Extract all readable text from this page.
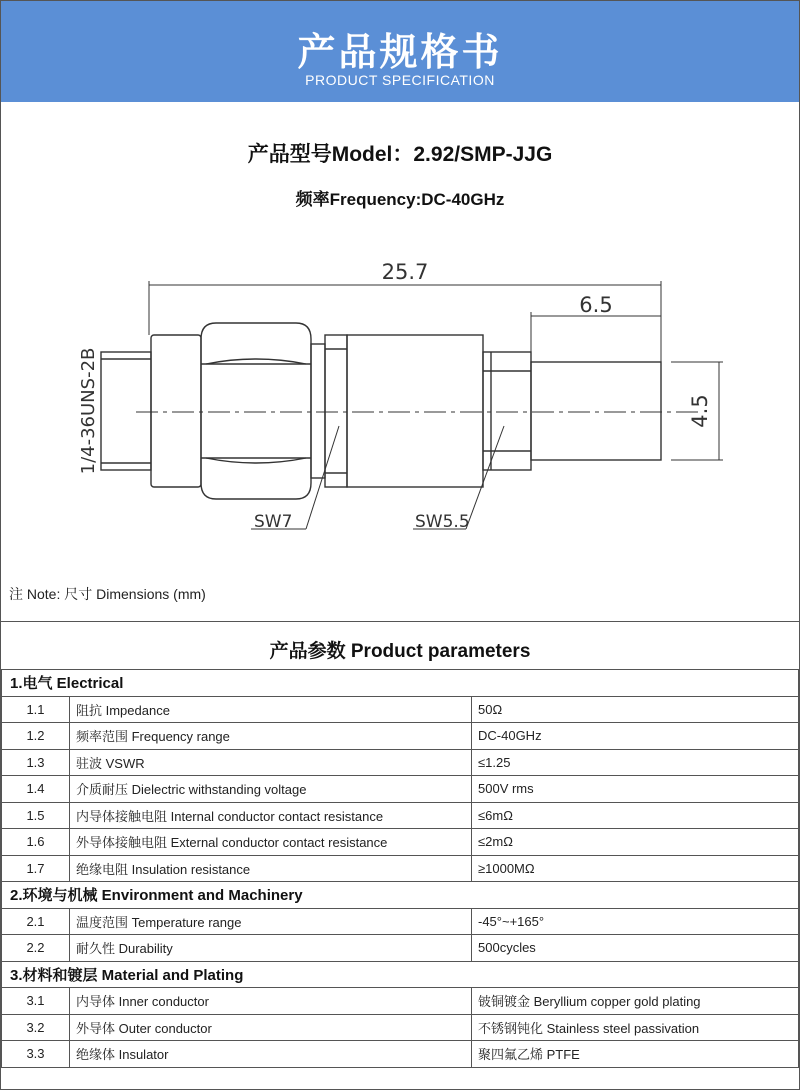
产品规格书
PRODUCT SPECIFICATION
产品型号Model：2.92/SMP-JJG
频率Frequency:DC-40GHz
25.7
6.5
4.5
1/4-36UNS-2B
SW7	SW5.5
注 Note: 尺寸 Dimensions (mm)
产品参数 Product parameters
1.电气 Electrical		
1.1	阻抗 Impedance	50Ω
1.2	频率范围 Frequency range	DC-40GHz
1.3	驻波 VSWR	≤1.25
1.4	介质耐压 Dielectric withstanding voltage	500V rms
1.5	内导体接触电阻 Internal conductor contact resistance	≤6mΩ
1.6	外导体接触电阻 External conductor contact resistance	≤2mΩ
1.7	绝缘电阻 Insulation resistance	≥1000MΩ
2.环境与机械 Environment and Machinery		
2.1	温度范围 Temperature range	-45°~+165°
2.2	耐久性 Durability	500cycles
3.材料和镀层 Material and Plating		
3.1	内导体 Inner conductor	铍铜镀金 Beryllium copper gold plating
3.2	外导体 Outer conductor	不锈钢钝化 Stainless steel passivation
3.3	绝缘体 Insulator	聚四氟乙烯 PTFE
